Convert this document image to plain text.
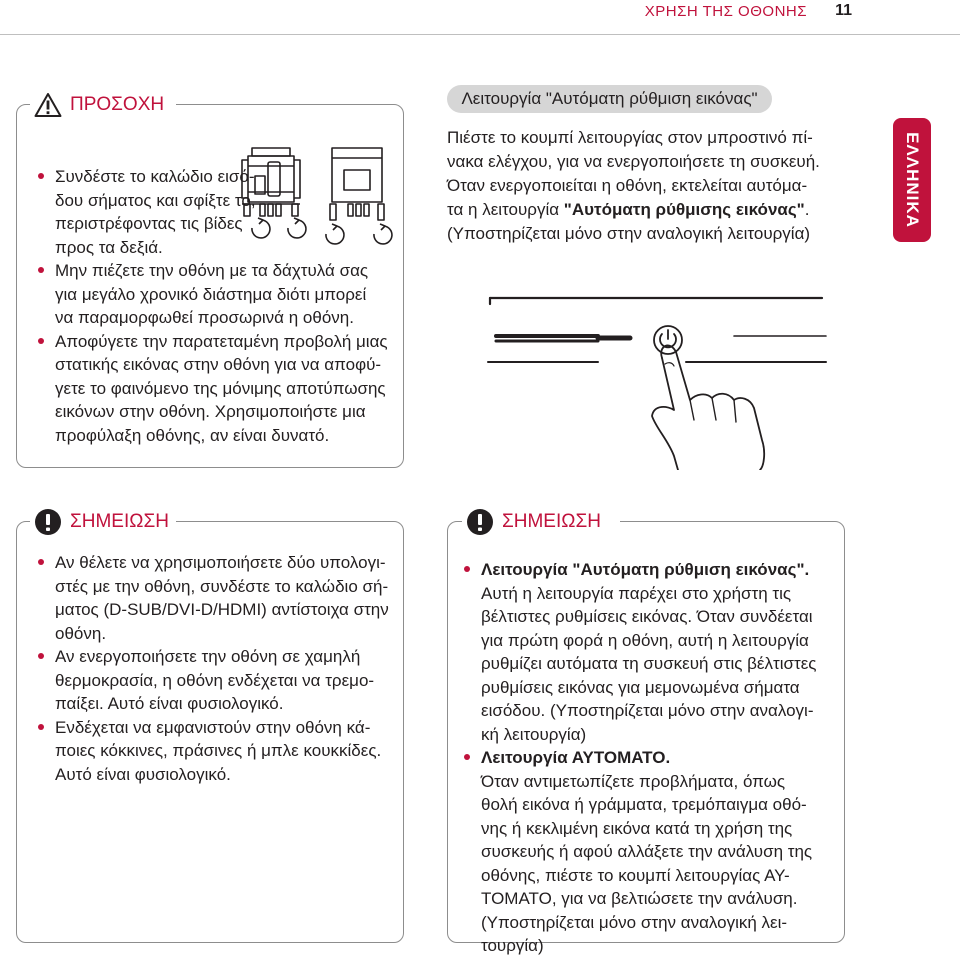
ΧΡΗΣΗ ΤΗΣ ΟΘΟΝΗΣ	11
ΕΛΛΗΝΙΚΑ
ΠΡΟΣΟΧΗ
Συνδέστε το καλώδιο εισό-
δου σήματος και σφίξτε το,
περιστρέφοντας τις βίδες
προς τα δεξιά.
Μην πιέζετε την οθόνη με τα δάχτυλά σας
για μεγάλο χρονικό διάστημα διότι μπορεί
να παραμορφωθεί προσωρινά η οθόνη.
Αποφύγετε την παρατεταμένη προβολή μιας
στατικής εικόνας στην οθόνη για να αποφύ-
γετε το φαινόμενο της μόνιμης αποτύπωσης
εικόνων στην οθόνη. Χρησιμοποιήστε μια
προφύλαξη οθόνης, αν είναι δυνατό.
Λειτουργία "Αυτόματη ρύθμιση εικόνας"

Πιέστε το κουμπί λειτουργίας στον μπροστινό πί-
νακα ελέγχου, για να ενεργοποιήσετε τη συσκευή.
Όταν ενεργοποιείται η οθόνη, εκτελείται αυτόμα-
τα η λειτουργία "Αυτόματη ρύθμισης εικόνας".
(Υποστηρίζεται μόνο στην αναλογική λειτουργία)

ΣΗΜΕΙΩΣΗ
Αν θέλετε να χρησιμοποιήσετε δύο υπολογι-
στές με την οθόνη, συνδέστε το καλώδιο σή-
ματος (D-SUB/DVI-D/HDMI) αντίστοιχα στην
οθόνη.
Αν ενεργοποιήσετε την οθόνη σε χαμηλή
θερμοκρασία, η οθόνη ενδέχεται να τρεμο-
παίξει. Αυτό είναι φυσιολογικό.
Ενδέχεται να εμφανιστούν στην οθόνη κά-
ποιες κόκκινες, πράσινες ή μπλε κουκκίδες.
Αυτό είναι φυσιολογικό.
ΣΗΜΕΙΩΣΗ
Λειτουργία "Αυτόματη ρύθμιση εικόνας".
Αυτή η λειτουργία παρέχει στο χρήστη τις
βέλτιστες ρυθμίσεις εικόνας. Όταν συνδέεται
για πρώτη φορά η οθόνη, αυτή η λειτουργία
ρυθμίζει αυτόματα τη συσκευή στις βέλτιστες
ρυθμίσεις εικόνας για μεμονωμένα σήματα
εισόδου. (Υποστηρίζεται μόνο στην αναλογι-
κή λειτουργία)
Λειτουργία ΑΥΤΟΜΑΤΟ.
Όταν αντιμετωπίζετε προβλήματα, όπως
θολή εικόνα ή γράμματα, τρεμόπαιγμα οθό-
νης ή κεκλιμένη εικόνα κατά τη χρήση της
συσκευής ή αφού αλλάξετε την ανάλυση της
οθόνης, πιέστε το κουμπί λειτουργίας ΑΥ-
ΤΟΜΑΤΟ, για να βελτιώσετε την ανάλυση.
(Υποστηρίζεται μόνο στην αναλογική λει-
τουργία)
